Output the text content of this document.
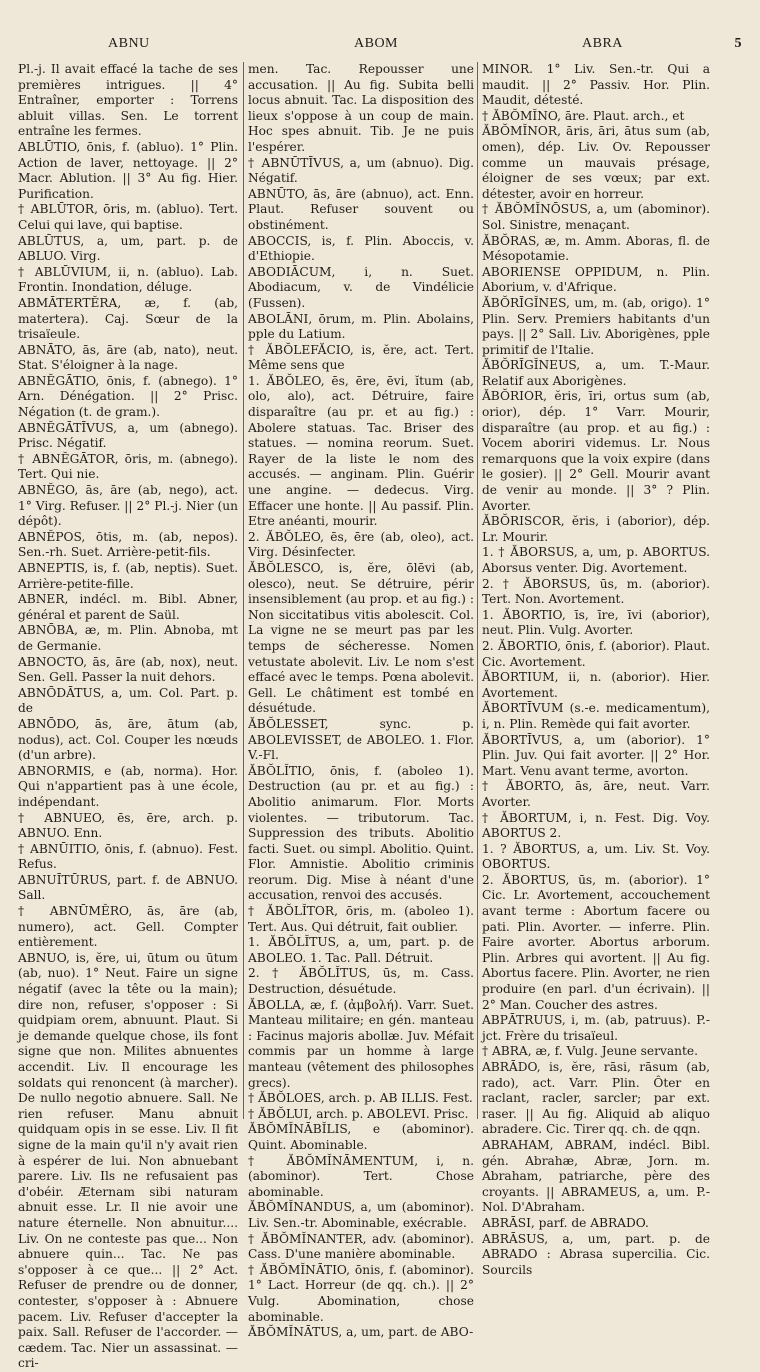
ABNU	ABOM	ABRA	5

Pl.-j. Il avait effacé la tache de ses premières intrigues. || 4° Entraîner, emporter : Torrens abluit villas. Sen. Le torrent entraîne les fermes.

ABLŪTIO, ōnis, f. (abluo). 1° Plin. Action de laver, nettoyage. || 2° Macr. Ablution. || 3° Au fig. Hier. Purification.

† ABLŪTOR, ōris, m. (abluo). Tert. Celui qui lave, qui baptise.

ABLŪTUS, a, um, part. p. de ABLUO. Virg.

† ABLŪVIUM, ii, n. (abluo). Lab. Frontin. Inondation, déluge.

ABMĀTERTĔRA, æ, f. (ab, matertera). Caj. Sœur de la trisaïeule.

ABNĀTO, ās, āre (ab, nato), neut. Stat. S'éloigner à la nage.

ABNĔGĀTIO, ōnis, f. (abnego). 1° Arn. Dénégation. || 2° Prisc. Négation (t. de gram.).

ABNĔGĀTĪVUS, a, um (abnego). Prisc. Négatif.

† ABNĔGĀTOR, ōris, m. (abnego). Tert. Qui nie.

ABNĔGO, ās, āre (ab, nego), act. 1° Virg. Refuser. || 2° Pl.-j. Nier (un dépôt).

ABNĔPOS, ōtis, m. (ab, nepos). Sen.-rh. Suet. Arrière-petit-fils.

ABNEPTIS, is, f. (ab, neptis). Suet. Arrière-petite-fille.

ABNER, indécl. m. Bibl. Abner, général et parent de Saül.

ABNŌBA, æ, m. Plin. Abnoba, mt de Germanie.

ABNOCTO, ās, āre (ab, nox), neut. Sen. Gell. Passer la nuit dehors.

ABNŌDĀTUS, a, um. Col. Part. p. de

ABNŌDO, ās, āre, ātum (ab, nodus), act. Col. Couper les nœuds (d'un arbre).

ABNORMIS, e (ab, norma). Hor. Qui n'appartient pas à une école, indépendant.

† ABNUEO, ēs, ēre, arch. p. ABNUO. Enn.

† ABNŪITIO, ōnis, f. (abnuo). Fest. Refus.

ABNUĪTŪRUS, part. f. de ABNUO. Sall.

† ABNŪMĔRO, ās, āre (ab, numero), act. Gell. Compter entièrement.

ABNUO, is, ĕre, ui, ūtum ou ūtum (ab, nuo). 1° Neut. Faire un signe négatif (avec la tête ou la main); dire non, refuser, s'opposer : Si quidpiam orem, abnuunt. Plaut. Si je demande quelque chose, ils font signe que non. Milites abnuentes accendit. Liv. Il encourage les soldats qui renoncent (à marcher). De nullo negotio abnuere. Sall. Ne rien refuser. Manu abnuit quidquam opis in se esse. Liv. Il fit signe de la main qu'il n'y avait rien à espérer de lui. Non abnuebant parere. Liv. Ils ne refusaient pas d'obéir. Æternam sibi naturam abnuit esse. Lr. Il nie avoir une nature éternelle. Non abnuitur.... Liv. On ne conteste pas que... Non abnuere quin... Tac. Ne pas s'opposer à ce que... || 2° Act. Refuser de prendre ou de donner, contester, s'opposer à : Abnuere pacem. Liv. Refuser d'accepter la paix. Sall. Refuser de l'accorder. — cædem. Tac. Nier un assassinat. — cri-

men. Tac. Repousser une accusation. || Au fig. Subita belli locus abnuit. Tac. La disposition des lieux s'oppose à un coup de main. Hoc spes abnuit. Tib. Je ne puis l'espérer.

† ABNŪTĪVUS, a, um (abnuo). Dig. Négatif.

ABNŪTO, ās, āre (abnuo), act. Enn. Plaut. Refuser souvent ou obstinément.

ABOCCIS, is, f. Plin. Aboccis, v. d'Ethiopie.

ABODIĀCUM, i, n. Suet. Abodiacum, v. de Vindélicie (Fussen).

ABOLĀNI, ōrum, m. Plin. Abolains, pple du Latium.

† ĂBŎLEFĂCIO, is, ĕre, act. Tert. Même sens que

1. ĂBŎLEO, ēs, ēre, ēvi, ĭtum (ab, olo, alo), act. Détruire, faire disparaître (au pr. et au fig.) : Abolere statuas. Tac. Briser des statues. — nomina reorum. Suet. Rayer de la liste le nom des accusés. — anginam. Plin. Guérir une angine. — dedecus. Virg. Effacer une honte. || Au passif. Plin. Etre anéanti, mourir.

2. ĂBŎLEO, ēs, ēre (ab, oleo), act. Virg. Désinfecter.

ĂBŎLESCO, is, ĕre, ōlēvi (ab, olesco), neut. Se détruire, périr insensiblement (au prop. et au fig.) : Non siccitatibus vitis abolescit. Col. La vigne ne se meurt pas par les temps de sécheresse. Nomen vetustate abolevit. Liv. Le nom s'est effacé avec le temps. Pœna abolevit. Gell. Le châtiment est tombé en désuétude.

ĂBŎLESSET, sync. p. ABOLEVISSET, de ABOLEO. 1. Flor. V.-Fl.

ĂBŎLĬTIO, ōnis, f. (aboleo 1). Destruction (au pr. et au fig.) : Abolitio animarum. Flor. Morts violentes. — tributorum. Tac. Suppression des tributs. Abolitio facti. Suet. ou simpl. Abolitio. Quint. Flor. Amnistie. Abolitio criminis reorum. Dig. Mise à néant d'une accusation, renvoi des accusés.

† ĂBŎLĬTOR, ōris, m. (aboleo 1). Tert. Aus. Qui détruit, fait oublier.

1. ĂBŎLĬTUS, a, um, part. p. de ABOLEO. 1. Tac. Pall. Détruit.

2. † ĂBŎLĬTUS, ūs, m. Cass. Destruction, désuétude.

ĂBOLLA, æ, f. (ἀμβολή). Varr. Suet. Manteau militaire; en gén. manteau : Facinus majoris abollæ. Juv. Méfait commis par un homme à large manteau (vêtement des philosophes grecs).

† ĂBŎLOES, arch. p. AB ILLIS. Fest.

† ĂBŎLUI, arch. p. ABOLEVI. Prisc.

ĂBŎMĬNĀBĬLIS, e (abominor). Quint. Abominable.

† ĂBŎMĬNĀMENTUM, i, n. (abominor). Tert. Chose abominable.

ĂBŎMĬNANDUS, a, um (abominor). Liv. Sen.-tr. Abominable, exécrable.

† ĂBŎMĬNANTER, adv. (abominor). Cass. D'une manière abominable.

† ĂBŎMĬNĀTIO, ōnis, f. (abominor). 1° Lact. Horreur (de qq. ch.). || 2° Vulg. Abomination, chose abominable.

ĂBŎMĬNĀTUS, a, um, part. de ABO-

MINOR. 1° Liv. Sen.-tr. Qui a maudit. || 2° Passiv. Hor. Plin. Maudit, détesté.

† ĂBŎMĬNO, āre. Plaut. arch., et

ĂBŎMĬNOR, āris, āri, ātus sum (ab, omen), dép. Liv. Ov. Repousser comme un mauvais présage, éloigner de ses vœux; par ext. détester, avoir en horreur.

† ĂBŎMĬNŌSUS, a, um (abominor). Sol. Sinistre, menaçant.

ĂBŎRAS, æ, m. Amm. Aboras, fl. de Mésopotamie.

ABORIENSE OPPIDUM, n. Plin. Aborium, v. d'Afrique.

ĂBŎRĪGĬNES, um, m. (ab, origo). 1° Plin. Serv. Premiers habitants d'un pays. || 2° Sall. Liv. Aborigènes, pple primitif de l'Italie.

ĂBŎRĪGĬNEUS, a, um. T.-Maur. Relatif aux Aborigènes.

ĂBŎRIOR, ĕris, īri, ortus sum (ab, orior), dép. 1° Varr. Mourir, disparaître (au prop. et au fig.) : Vocem aboriri videmus. Lr. Nous remarquons que la voix expire (dans le gosier). || 2° Gell. Mourir avant de venir au monde. || 3° ? Plin. Avorter.

ĂBŎRISCOR, ĕris, i (aborior), dép. Lr. Mourir.

1. † ĂBORSUS, a, um, p. ABORTUS. Aborsus venter. Dig. Avortement.

2. † ĂBORSUS, ūs, m. (aborior). Tert. Non. Avortement.

1. ĂBORTIO, īs, īre, īvi (aborior), neut. Plin. Vulg. Avorter.

2. ĂBORTIO, ōnis, f. (aborior). Plaut. Cic. Avortement.

ĂBORTIUM, ii, n. (aborior). Hier. Avortement.

ĂBORTĪVUM (s.-e. medicamentum), i, n. Plin. Remède qui fait avorter.

ĂBORTĪVUS, a, um (aborior). 1° Plin. Juv. Qui fait avorter. || 2° Hor. Mart. Venu avant terme, avorton.

† ĂBORTO, ās, āre, neut. Varr. Avorter.

† ĂBORTUM, i, n. Fest. Dig. Voy. ABORTUS 2.

1. ? ĂBORTUS, a, um. Liv. St. Voy. OBORTUS.

2. ĂBORTUS, ūs, m. (aborior). 1° Cic. Lr. Avortement, accouchement avant terme : Abortum facere ou pati. Plin. Avorter. — inferre. Plin. Faire avorter. Abortus arborum. Plin. Arbres qui avortent. || Au fig. Abortus facere. Plin. Avorter, ne rien produire (en parl. d'un écrivain). || 2° Man. Coucher des astres.

ABPĀTRUUS, i, m. (ab, patruus). P.-jct. Frère du trisaïeul.

† ABRA, æ, f. Vulg. Jeune servante.

ABRĀDO, is, ĕre, rāsi, rāsum (ab, rado), act. Varr. Plin. Ôter en raclant, racler, sarcler; par ext. raser. || Au fig. Aliquid ab aliquo abradere. Cic. Tirer qq. ch. de qqn.

ABRAHAM, ABRAM, indécl. Bibl. gén. Abrahæ, Abræ, Jorn. m. Abraham, patriarche, père des croyants. || ABRAMEUS, a, um. P.-Nol. D'Abraham.

ABRĀSI, parf. de ABRADO.

ABRĀSUS, a, um, part. p. de ABRADO : Abrasa supercilia. Cic. Sourcils
